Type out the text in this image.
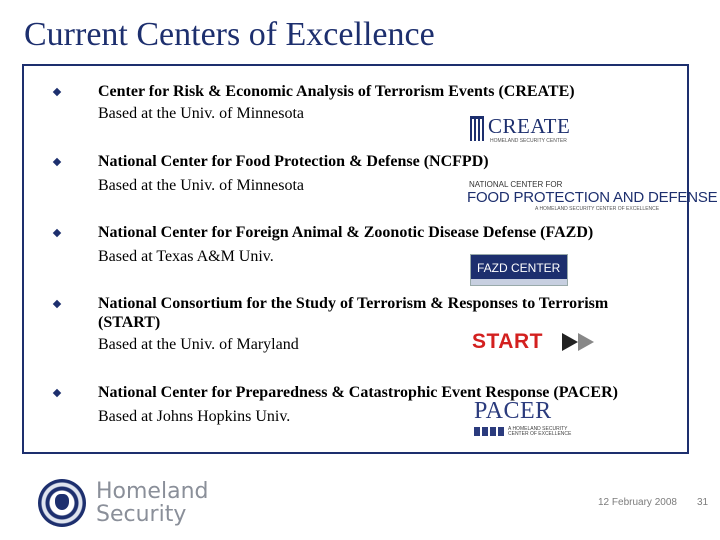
Current Centers of Excellence
Center for Risk & Economic Analysis of Terrorism Events (CREATE)
Based at the Univ. of Minnesota
National Center for Food Protection & Defense (NCFPD)
Based at the Univ. of Minnesota
National Center for Foreign Animal & Zoonotic Disease Defense (FAZD)
Based at Texas A&M Univ.
National Consortium for the Study of Terrorism & Responses to Terrorism
(START)
Based at the Univ. of Maryland
National Center for Preparedness & Catastrophic Event Response (PACER)
Based at Johns Hopkins Univ.
CREATE
HOMELAND SECURITY CENTER
NATIONAL CENTER FOR
FOOD PROTECTION AND DEFENSE
A HOMELAND SECURITY CENTER OF EXCELLENCE
FAZD CENTER
START
PACER
A HOMELAND SECURITY
CENTER OF EXCELLENCE
Homeland
Security	12 February 2008 31
